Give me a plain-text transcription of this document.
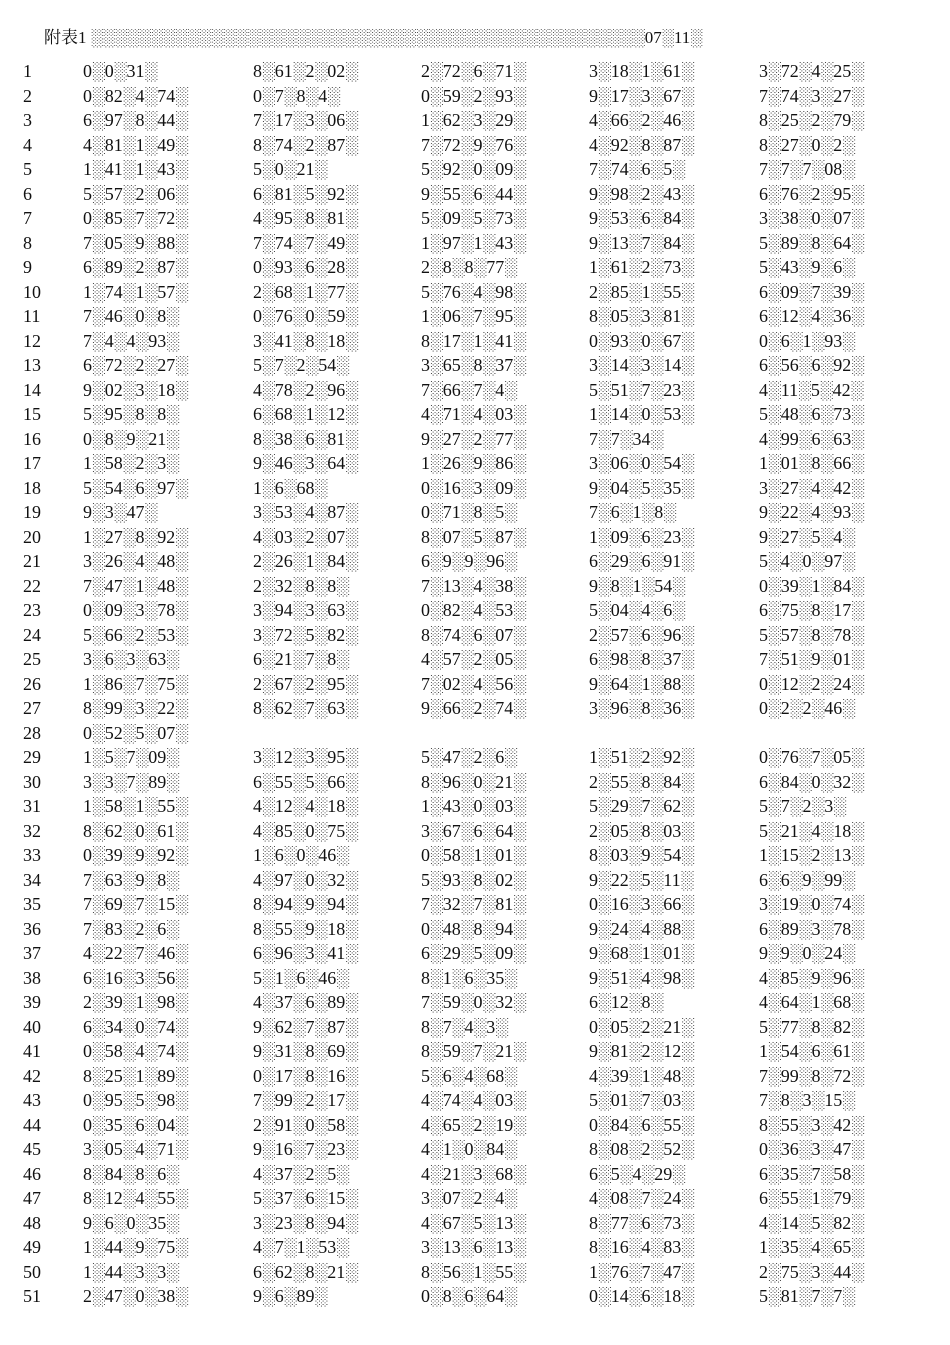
附表1 ░░░░░░░░░░░░░░░░░░░░░░░░░░░░░░░░░░░░░░░░░░░░░░07░11░
1	0░0░31░	8░61░2░02░	2░72░6░71░	3░18░1░61░	3░72░4░25░
2	0░82░4░74░	0░7░8░4░	0░59░2░93░	9░17░3░67░	7░74░3░27░
3	6░97░8░44░	7░17░3░06░	1░62░3░29░	4░66░2░46░	8░25░2░79░
4	4░81░1░49░	8░74░2░87░	7░72░9░76░	4░92░8░87░	8░27░0░2░
5	1░41░1░43░	5░0░21░	5░92░0░09░	7░74░6░5░	7░7░7░08░
6	5░57░2░06░	6░81░5░92░	9░55░6░44░	9░98░2░43░	6░76░2░95░
7	0░85░7░72░	4░95░8░81░	5░09░5░73░	9░53░6░84░	3░38░0░07░
8	7░05░9░88░	7░74░7░49░	1░97░1░43░	9░13░7░84░	5░89░8░64░
9	6░89░2░87░	0░93░6░28░	2░8░8░77░	1░61░2░73░	5░43░9░6░
10 1░74░1░57░	2░68░1░77░	5░76░4░98░	2░85░1░55░	6░09░7░39░
11 7░46░0░8░	0░76░0░59░	1░06░7░95░	8░05░3░81░	6░12░4░36░
12 7░4░4░93░	3░41░8░18░	8░17░1░41░	0░93░0░67░	0░6░1░93░
13 6░72░2░27░	5░7░2░54░	3░65░8░37░	3░14░3░14░	6░56░6░92░
14 9░02░3░18░	4░78░2░96░	7░66░7░4░	5░51░7░23░	4░11░5░42░
15 5░95░8░8░	6░68░1░12░	4░71░4░03░	1░14░0░53░	5░48░6░73░
16 0░8░9░21░	8░38░6░81░	9░27░2░77░	7░7░34░	4░99░6░63░
17 1░58░2░3░	9░46░3░64░	1░26░9░86░	3░06░0░54░	1░01░8░66░
18 5░54░6░97░	1░6░68░	0░16░3░09░	9░04░5░35░	3░27░4░42░
19 9░3░47░	3░53░4░87░	0░71░8░5░	7░6░1░8░	9░22░4░93░
20 1░27░8░92░	4░03░2░07░	8░07░5░87░	1░09░6░23░	9░27░5░4░
21 3░26░4░48░	2░26░1░84░	6░9░9░96░	6░29░6░91░	5░4░0░97░
22 7░47░1░48░	2░32░8░8░	7░13░4░38░	9░8░1░54░	0░39░1░84░
23 0░09░3░78░	3░94░3░63░	0░82░4░53░	5░04░4░6░	6░75░8░17░
24 5░66░2░53░	3░72░5░82░	8░74░6░07░	2░57░6░96░	5░57░8░78░
25 3░6░3░63░	6░21░7░8░	4░57░2░05░	6░98░8░37░	7░51░9░01░
26 1░86░7░75░	2░67░2░95░	7░02░4░56░	9░64░1░88░	0░12░2░24░
27 8░99░3░22░	8░62░7░63░	9░66░2░74░	3░96░8░36░	0░2░2░46░
28 0░52░5░07░
29 1░5░7░09░	3░12░3░95░	5░47░2░6░	1░51░2░92░	0░76░7░05░
30 3░3░7░89░	6░55░5░66░	8░96░0░21░	2░55░8░84░	6░84░0░32░
31 1░58░1░55░	4░12░4░18░	1░43░0░03░	5░29░7░62░	5░7░2░3░
32 8░62░0░61░	4░85░0░75░	3░67░6░64░	2░05░8░03░	5░21░4░18░
33 0░39░9░92░	1░6░0░46░	0░58░1░01░	8░03░9░54░	1░15░2░13░
34 7░63░9░8░	4░97░0░32░	5░93░8░02░	9░22░5░11░	6░6░9░99░
35 7░69░7░15░	8░94░9░94░	7░32░7░81░	0░16░3░66░	3░19░0░74░
36 7░83░2░6░	8░55░9░18░	0░48░8░94░	9░24░4░88░	6░89░3░78░
37 4░22░7░46░	6░96░3░41░	6░29░5░09░	9░68░1░01░	9░9░0░24░
38 6░16░3░56░	5░1░6░46░	8░1░6░35░	9░51░4░98░	4░85░9░96░
39 2░39░1░98░	4░37░6░89░	7░59░0░32░	6░12░8░	4░64░1░68░
40 6░34░0░74░	9░62░7░87░	8░7░4░3░	0░05░2░21░	5░77░8░82░
41 0░58░4░74░	9░31░8░69░	8░59░7░21░	9░81░2░12░	1░54░6░61░
42 8░25░1░89░	0░17░8░16░	5░6░4░68░	4░39░1░48░	7░99░8░72░
43 0░95░5░98░	7░99░2░17░	4░74░4░03░	5░01░7░03░	7░8░3░15░
44 0░35░6░04░	2░91░0░58░	4░65░2░19░	0░84░6░55░	8░55░3░42░
45 3░05░4░71░	9░16░7░23░	4░1░0░84░	8░08░2░52░	0░36░3░47░
46 8░84░8░6░	4░37░2░5░	4░21░3░68░	6░5░4░29░	6░35░7░58░
47 8░12░4░55░	5░37░6░15░	3░07░2░4░	4░08░7░24░	6░55░1░79░
48 9░6░0░35░	3░23░8░94░	4░67░5░13░	8░77░6░73░	4░14░5░82░
49 1░44░9░75░	4░7░1░53░	3░13░6░13░	8░16░4░83░	1░35░4░65░
50 1░44░3░3░	6░62░8░21░	8░56░1░55░	1░76░7░47░	2░75░3░44░
51 2░47░0░38░	9░6░89░	0░8░6░64░	0░14░6░18░	5░81░7░7░
